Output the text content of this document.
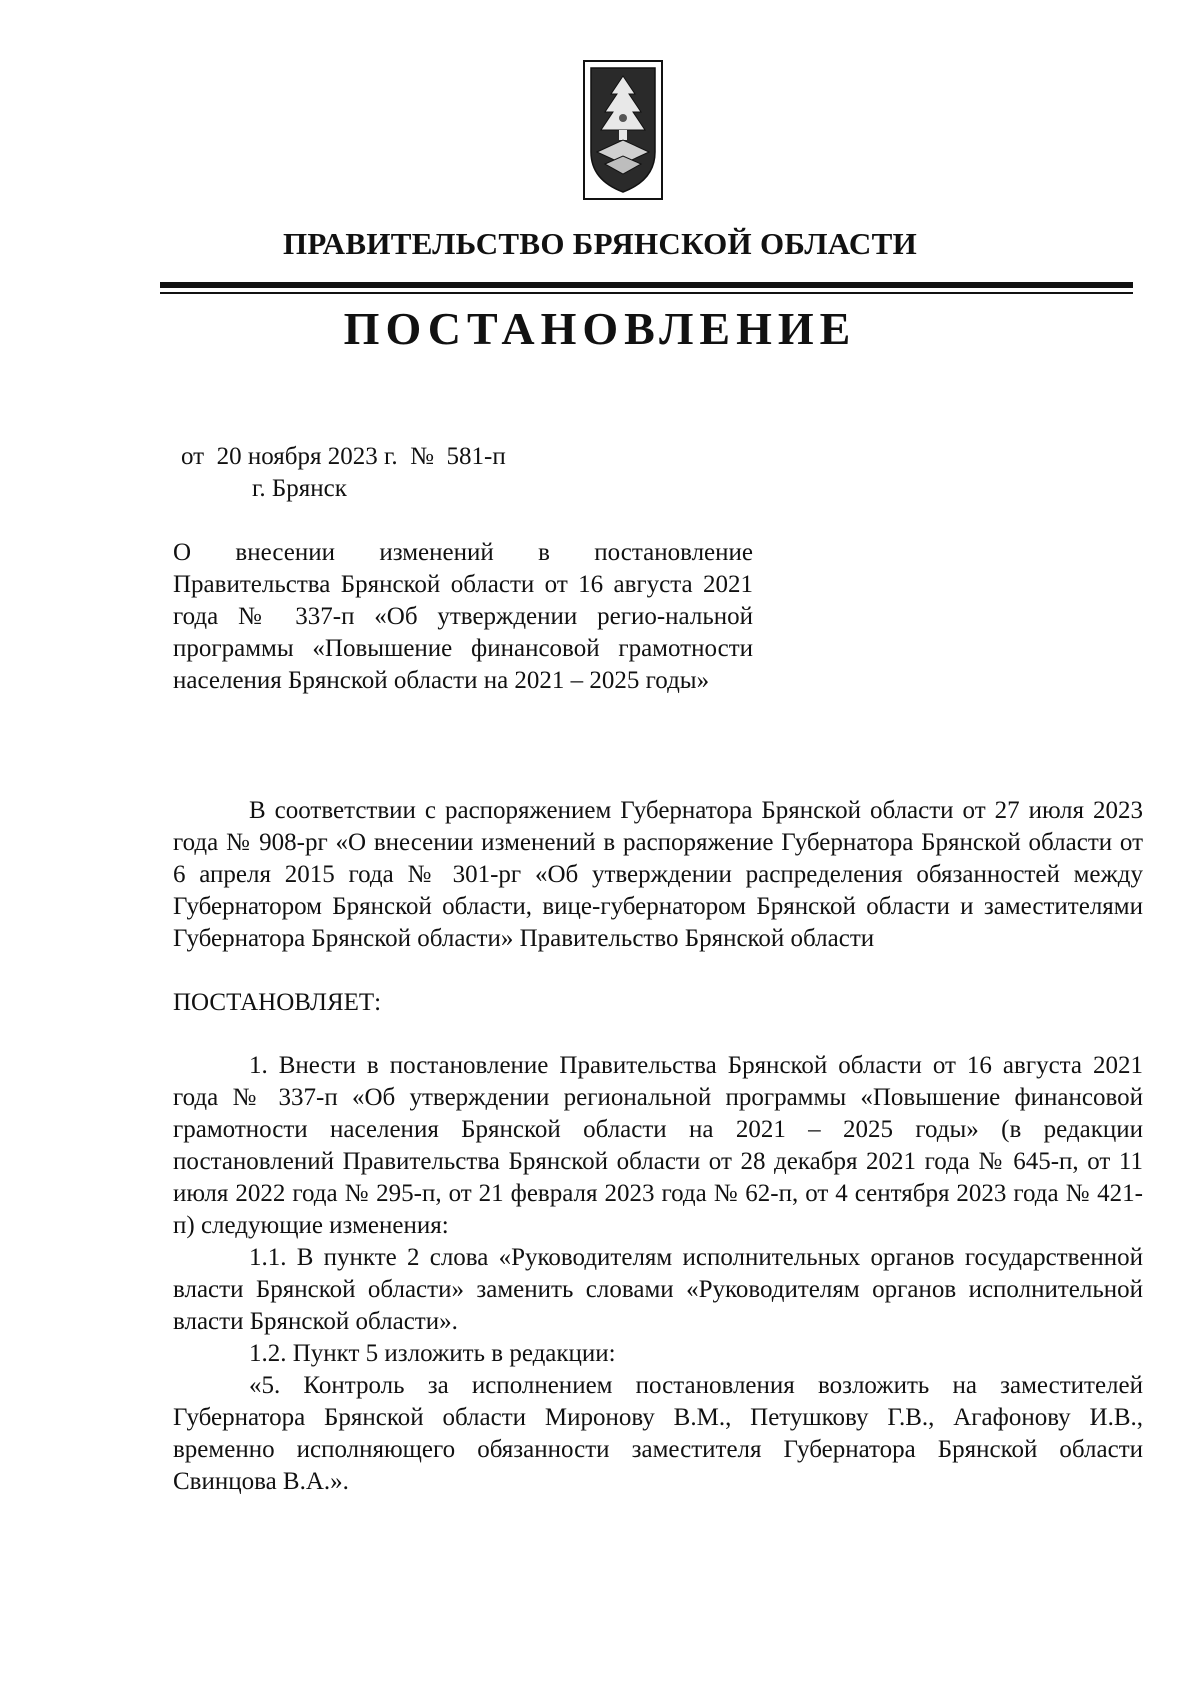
ПРАВИТЕЛЬСТВО БРЯНСКОЙ ОБЛАСТИ
ПОСТАНОВЛЕНИЕ
от  20 ноября 2023 г.  №  581-п
г. Брянск
О внесении изменений в постановление Правительства Брянской области от 16 августа 2021 года № 337-п «Об утверждении регио-нальной программы «Повышение финансовой грамотности населения Брянской области на 2021 – 2025 годы»

В соответствии с распоряжением Губернатора Брянской области от 27 июля 2023 года № 908-рг «О внесении изменений в распоряжение Губернатора Брянской области от 6 апреля 2015 года № 301-рг «Об утверждении распределения обязанностей между Губернатором Брянской области, вице-губернатором Брянской области и заместителями Губернатора Брянской области» Правительство Брянской области

ПОСТАНОВЛЯЕТ:

1. Внести в постановление Правительства Брянской области от 16 августа 2021 года № 337-п «Об утверждении региональной программы «Повышение финансовой грамотности населения Брянской области на 2021 – 2025 годы» (в редакции постановлений Правительства Брянской области от 28 декабря 2021 года № 645-п, от 11 июля 2022 года № 295-п, от 21 февраля 2023 года № 62-п, от 4 сентября 2023 года № 421-п) следующие изменения:

1.1. В пункте 2 слова «Руководителям исполнительных органов государственной власти Брянской области» заменить словами «Руководителям органов исполнительной власти Брянской области».

1.2. Пункт 5 изложить в редакции:

«5. Контроль за исполнением постановления возложить на заместителей Губернатора Брянской области Миронову В.М., Петушкову Г.В., Агафонову И.В., временно исполняющего обязанности заместителя Губернатора Брянской области Свинцова В.А.».
